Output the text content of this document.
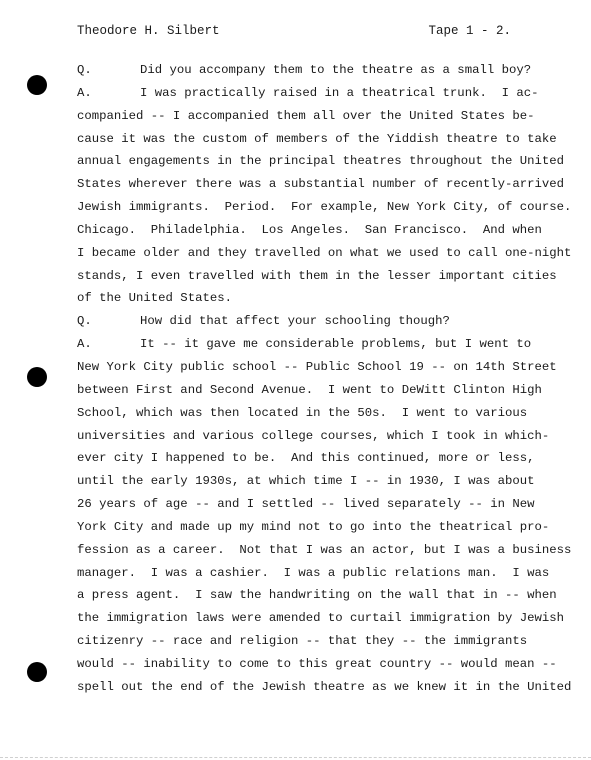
Theodore H. Silbert	Tape 1 - 2.
Q.	Did you accompany them to the theatre as a small boy?
A.	I was practically raised in a theatrical trunk.  I ac-
companied -- I accompanied them all over the United States be-
cause it was the custom of members of the Yiddish theatre to take
annual engagements in the principal theatres throughout the United
States wherever there was a substantial number of recently-arrived
Jewish immigrants.  Period.  For example, New York City, of course.
Chicago.  Philadelphia.  Los Angeles.  San Francisco.  And when
I became older and they travelled on what we used to call one-night
stands, I even travelled with them in the lesser important cities
of the United States.
Q.	How did that affect your schooling though?
A.	It -- it gave me considerable problems, but I went to
New York City public school -- Public School 19 -- on 14th Street
between First and Second Avenue.  I went to DeWitt Clinton High
School, which was then located in the 50s.  I went to various
universities and various college courses, which I took in which-
ever city I happened to be.  And this continued, more or less,
until the early 1930s, at which time I -- in 1930, I was about
26 years of age -- and I settled -- lived separately -- in New
York City and made up my mind not to go into the theatrical pro-
fession as a career.  Not that I was an actor, but I was a business
manager.  I was a cashier.  I was a public relations man.  I was
a press agent.  I saw the handwriting on the wall that in -- when
the immigration laws were amended to curtail immigration by Jewish
citizenry -- race and religion -- that they -- the immigrants
would -- inability to come to this great country -- would mean --
spell out the end of the Jewish theatre as we knew it in the United
